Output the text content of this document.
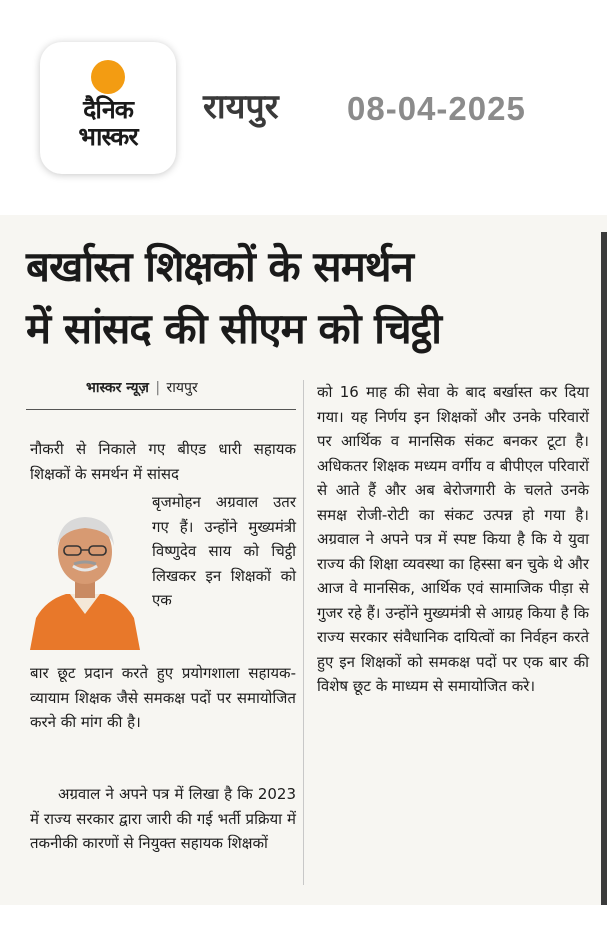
दैनिक
भास्कर
रायपुर 08-04-2025
बर्खास्त शिक्षकों के समर्थन
में सांसद की सीएम को चिट्ठी
भास्कर न्यूज़ | रायपुर
नौकरी से निकाले गए बीएड धारी सहायक शिक्षकों के समर्थन में सांसद
बृजमोहन अग्रवाल उतर गए हैं। उन्होंने मुख्यमंत्री विष्णुदेव साय को चिट्ठी लिखकर इन शिक्षकों को एक
बार छूट प्रदान करते हुए प्रयोगशाला सहायक-व्यायाम शिक्षक जैसे समकक्ष पदों पर समायोजित करने की मांग की है।
अग्रवाल ने अपने पत्र में लिखा है कि 2023 में राज्य सरकार द्वारा जारी की गई भर्ती प्रक्रिया में तकनीकी कारणों से नियुक्त सहायक शिक्षकों
को 16 माह की सेवा के बाद बर्खास्त कर दिया गया। यह निर्णय इन शिक्षकों और उनके परिवारों पर आर्थिक व मानसिक संकट बनकर टूटा है। अधिकतर शिक्षक मध्यम वर्गीय व बीपीएल परिवारों से आते हैं और अब बेरोजगारी के चलते उनके समक्ष रोजी-रोटी का संकट उत्पन्न हो गया है। अग्रवाल ने अपने पत्र में स्पष्ट किया है कि ये युवा राज्य की शिक्षा व्यवस्था का हिस्सा बन चुके थे और आज वे मानसिक, आर्थिक एवं सामाजिक पीड़ा से गुजर रहे हैं। उन्होंने मुख्यमंत्री से आग्रह किया है कि राज्य सरकार संवैधानिक दायित्वों का निर्वहन करते हुए इन शिक्षकों को समकक्ष पदों पर एक बार की विशेष छूट के माध्यम से समायोजित करे।
